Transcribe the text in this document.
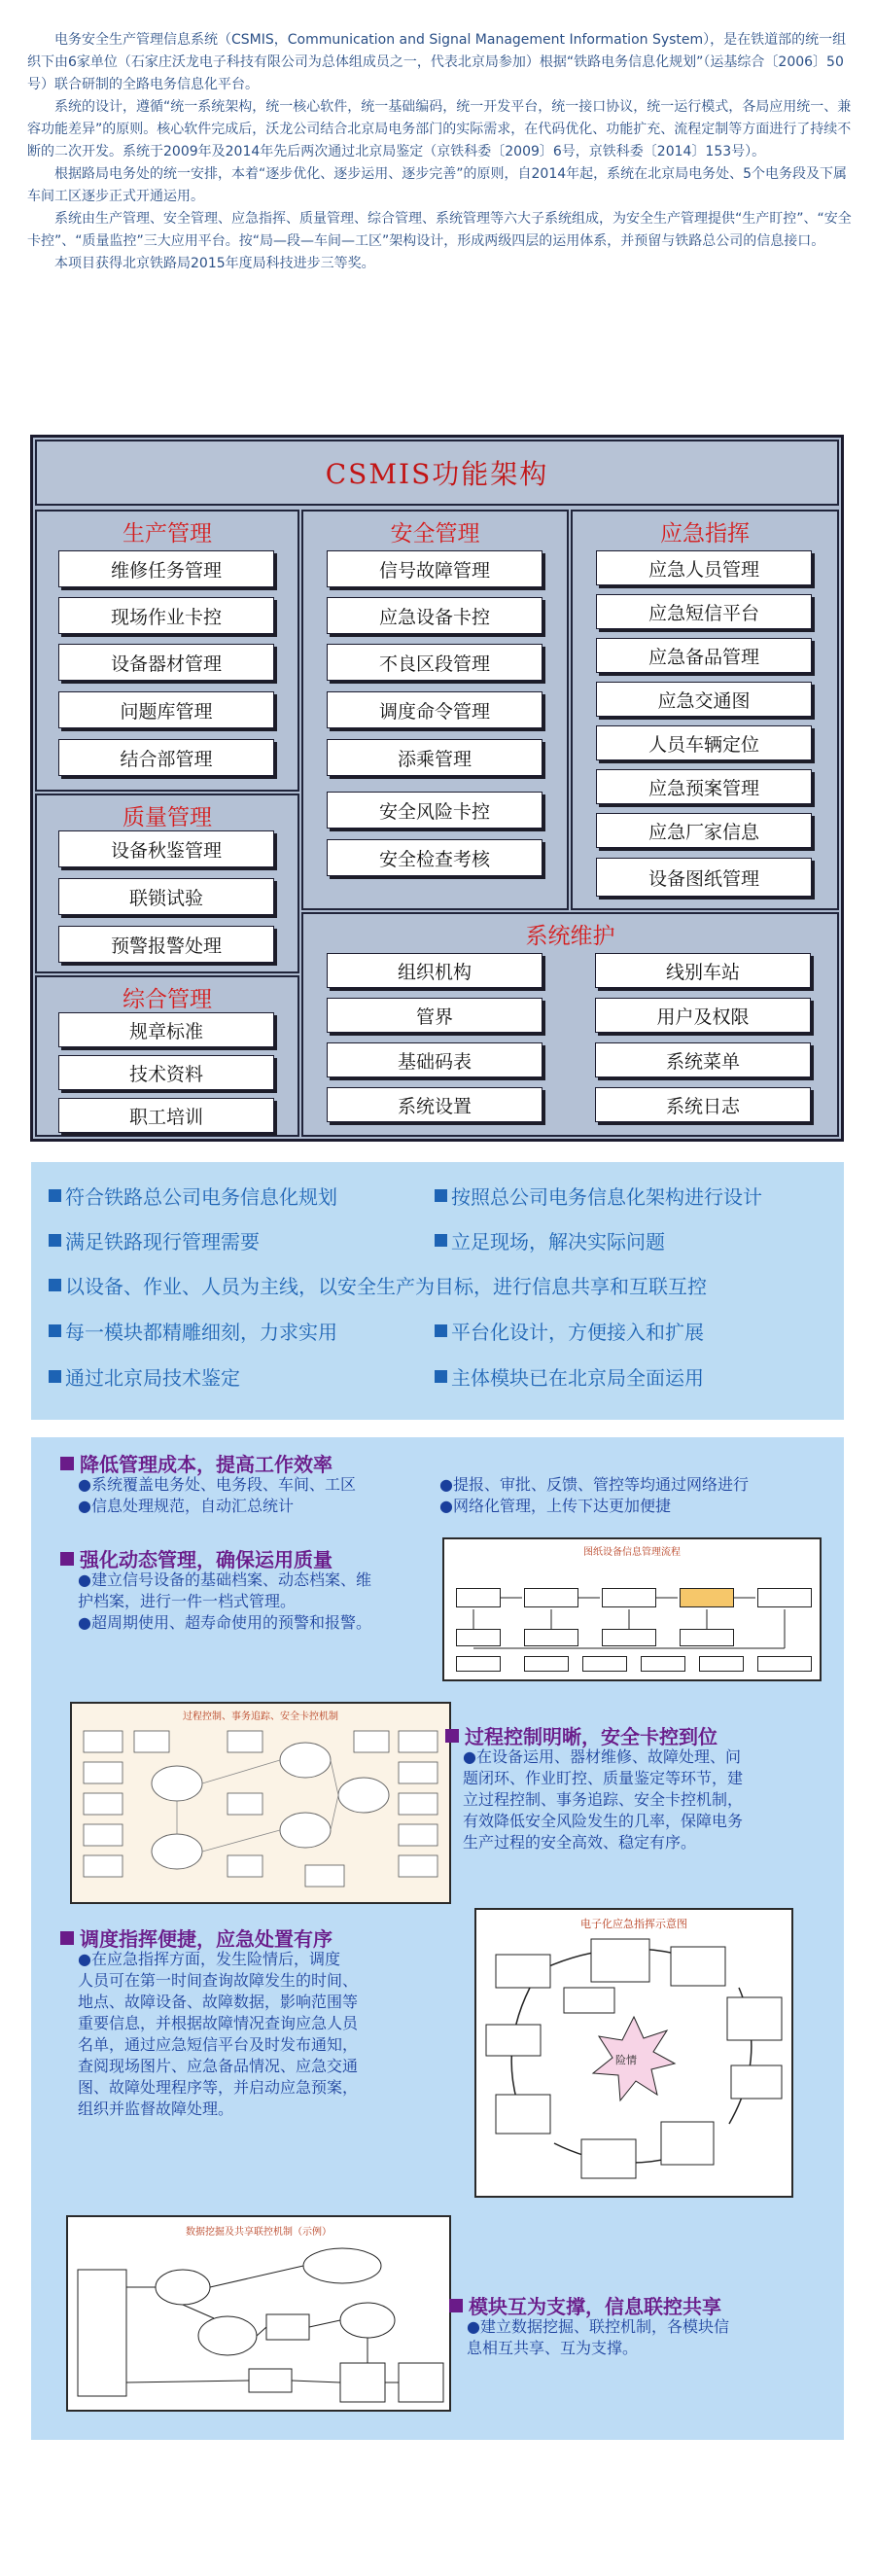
电务安全生产管理信息系统（CSMIS，Communication and Signal Management Information System），是在铁道部的统一组织下由6家单位（石家庄沃龙电子科技有限公司为总体组成员之一，代表北京局参加）根据“铁路电务信息化规划”（运基综合〔2006〕50号）联合研制的全路电务信息化平台。

系统的设计，遵循“统一系统架构，统一核心软件，统一基础编码，统一开发平台，统一接口协议，统一运行模式，各局应用统一、兼容功能差异”的原则。核心软件完成后，沃龙公司结合北京局电务部门的实际需求，在代码优化、功能扩充、流程定制等方面进行了持续不断的二次开发。系统于2009年及2014年先后两次通过北京局鉴定（京铁科委〔2009〕6号，京铁科委〔2014〕153号）。

根据路局电务处的统一安排，本着“逐步优化、逐步运用、逐步完善”的原则，自2014年起，系统在北京局电务处、5个电务段及下属车间工区逐步正式开通运用。

系统由生产管理、安全管理、应急指挥、质量管理、综合管理、系统管理等六大子系统组成，为安全生产管理提供“生产盯控”、“安全卡控”、“质量监控”三大应用平台。按“局—段—车间—工区”架构设计，形成两级四层的运用体系，并预留与铁路总公司的信息接口。

本项目获得北京铁路局2015年度局科技进步三等奖。

CSMIS功能架构
生产管理
维修任务管理
现场作业卡控
设备器材管理
问题库管理
结合部管理
质量管理
设备秋鉴管理
联锁试验
预警报警处理
综合管理
规章标准
技术资料
职工培训
安全管理
信号故障管理
应急设备卡控
不良区段管理
调度命令管理
添乘管理
安全风险卡控
安全检查考核
应急指挥
应急人员管理
应急短信平台
应急备品管理
应急交通图
人员车辆定位
应急预案管理
应急厂家信息
设备图纸管理
系统维护
组织机构	线别车站
管界	用户及权限
基础码表	系统菜单
系统设置	系统日志
符合铁路总公司电务信息化规划
满足铁路现行管理需要
以设备、作业、人员为主线，以安全生产为目标，进行信息共享和互联互控
每一模块都精雕细刻，力求实用
通过北京局技术鉴定
按照总公司电务信息化架构进行设计
立足现场，解决实际问题
平台化设计，方便接入和扩展
主体模块已在北京局全面运用
降低管理成本，提高工作效率
●系统覆盖电务处、电务段、车间、工区
●信息处理规范，自动汇总统计
●提报、审批、反馈、管控等均通过网络进行
●网络化管理，上传下达更加便捷
强化动态管理，确保运用质量
●建立信号设备的基础档案、动态档案、维
护档案，进行一件一档式管理。
●超周期使用、超寿命使用的预警和报警。
图纸设备信息管理流程
过程控制、事务追踪、安全卡控机制
过程控制明晰，安全卡控到位
●在设备运用、器材维修、故障处理、问
题闭环、作业盯控、质量鉴定等环节，建
立过程控制、事务追踪、安全卡控机制，
有效降低安全风险发生的几率，保障电务
生产过程的安全高效、稳定有序。
调度指挥便捷，应急处置有序
●在应急指挥方面，发生险情后，调度
人员可在第一时间查询故障发生的时间、
地点、故障设备、故障数据，影响范围等
重要信息，并根据故障情况查询应急人员
名单，通过应急短信平台及时发布通知，
查阅现场图片、应急备品情况、应急交通
图、故障处理程序等，并启动应急预案，
组织并监督故障处理。
电子化应急指挥示意图
险情
数据挖掘及共享联控机制（示例）
模块互为支撑，信息联控共享
●建立数据挖掘、联控机制，各模块信
息相互共享、互为支撑。
